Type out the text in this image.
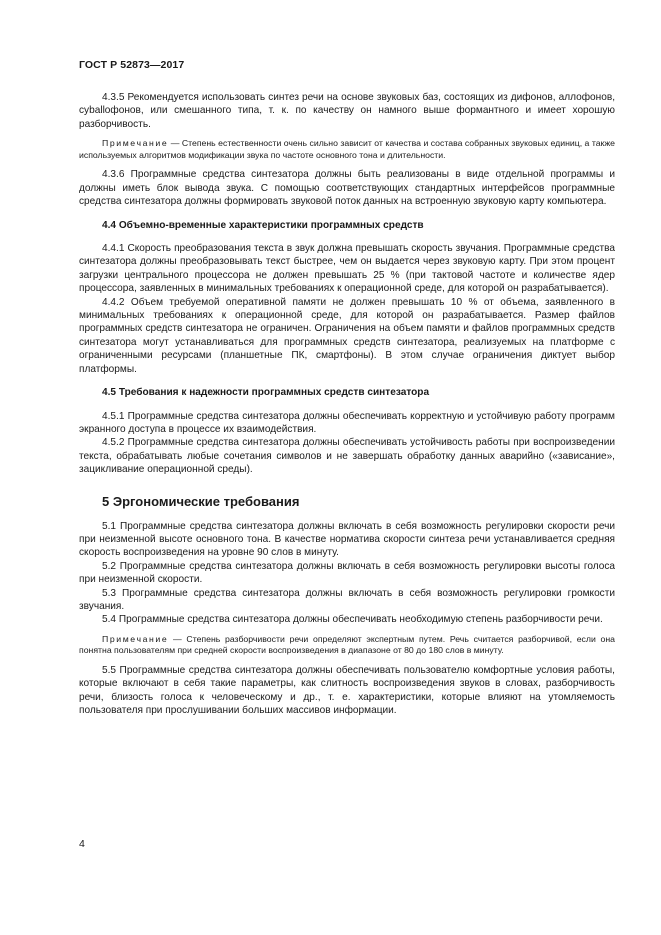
ГОСТ Р 52873—2017

4.3.5 Рекомендуется использовать синтез речи на основе звуковых баз, состоящих из дифонов, аллофонов, суballофонов, или смешанного типа, т. к. по качеству он намного выше формантного и имеет хорошую разборчивость.

Примечание — Степень естественности очень сильно зависит от качества и состава собранных звуковых единиц, а также используемых алгоритмов модификации звука по частоте основного тона и длительности.

4.3.6 Программные средства синтезатора должны быть реализованы в виде отдельной программы и должны иметь блок вывода звука. С помощью соответствующих стандартных интерфейсов программные средства синтезатора должны формировать звуковой поток данных на встроенную звуковую карту компьютера.

4.4 Объемно-временные характеристики программных средств

4.4.1 Скорость преобразования текста в звук должна превышать скорость звучания. Программные средства синтезатора должны преобразовывать текст быстрее, чем он выдается через звуковую карту. При этом процент загрузки центрального процессора не должен превышать 25 % (при тактовой частоте и количестве ядер процессора, заявленных в минимальных требованиях к операционной среде, для которой он разрабатывается).

4.4.2 Объем требуемой оперативной памяти не должен превышать 10 % от объема, заявленного в минимальных требованиях к операционной среде, для которой он разрабатывается. Размер файлов программных средств синтезатора не ограничен. Ограничения на объем памяти и файлов программных средств синтезатора могут устанавливаться для программных средств синтезатора, реализуемых на платформе с ограниченными ресурсами (планшетные ПК, смартфоны). В этом случае ограничения диктует выбор платформы.

4.5 Требования к надежности программных средств синтезатора

4.5.1 Программные средства синтезатора должны обеспечивать корректную и устойчивую работу программ экранного доступа в процессе их взаимодействия.

4.5.2 Программные средства синтезатора должны обеспечивать устойчивость работы при воспроизведении текста, обрабатывать любые сочетания символов и не завершать обработку данных аварийно («зависание», зацикливание операционной среды).

5 Эргономические требования

5.1 Программные средства синтезатора должны включать в себя возможность регулировки скорости речи при неизменной высоте основного тона. В качестве норматива скорости синтеза речи устанавливается средняя скорость воспроизведения на уровне 90 слов в минуту.

5.2 Программные средства синтезатора должны включать в себя возможность регулировки высоты голоса при неизменной скорости.

5.3 Программные средства синтезатора должны включать в себя возможность регулировки громкости звучания.

5.4 Программные средства синтезатора должны обеспечивать необходимую степень разборчивости речи.

Примечание — Степень разборчивости речи определяют экспертным путем. Речь считается разборчивой, если она понятна пользователям при средней скорости воспроизведения в диапазоне от 80 до 180 слов в минуту.

5.5 Программные средства синтезатора должны обеспечивать пользователю комфортные условия работы, которые включают в себя такие параметры, как слитность воспроизведения звуков в словах, разборчивость речи, близость голоса к человеческому и др., т. е. характеристики, которые влияют на утомляемость пользователя при прослушивании больших массивов информации.

4
